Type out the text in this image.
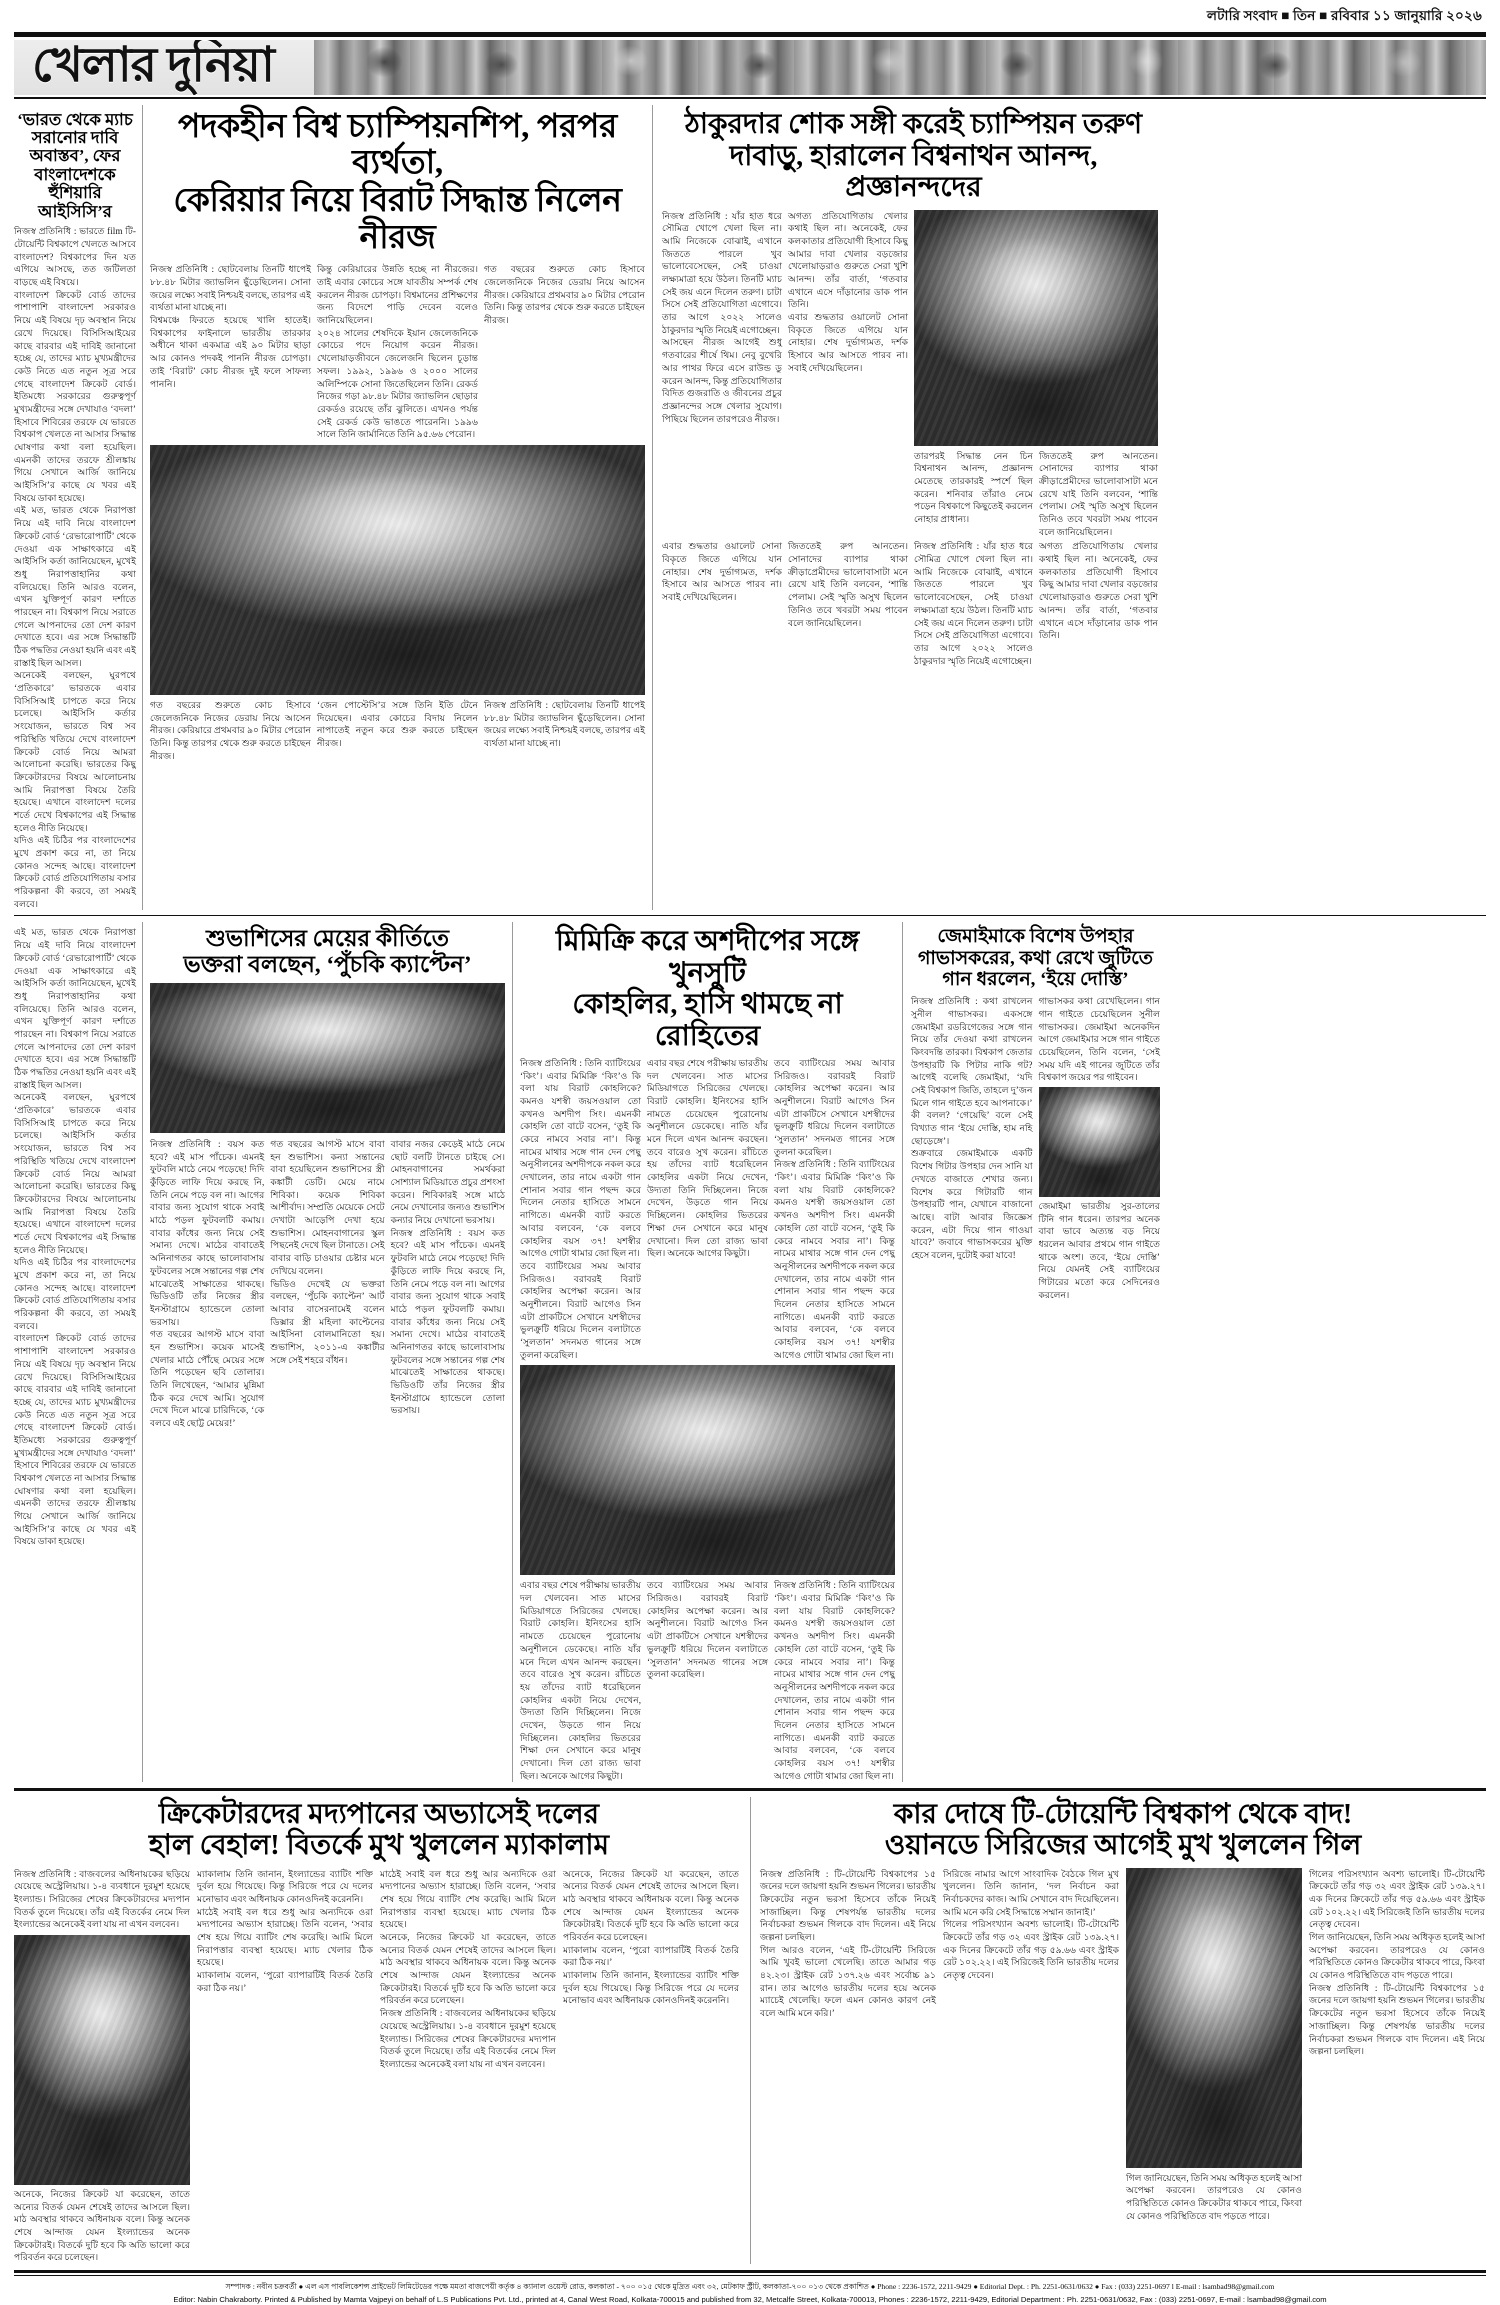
লটারি সংবাদ ■ তিন ■ রবিবার ১১ জানুয়ারি ২০২৬
খেলার দুনিয়া
‘ভারত থেকে ম্যাচ সরানোর দাবি অবাস্তব’, ফের বাংলাদেশকে হুঁশিয়ারি আইসিসি’র
নিজস্ব প্রতিনিধি : ভারতে film টি-টোয়েন্টি বিশ্বকাপে খেলতে আসবে বাংলাদেশ? বিশ্বকাপের দিন যত এগিয়ে আসছে, তত জটিলতা বাড়ছে এই বিষয়ে।
বাংলাদেশ ক্রিকেট বোর্ড তাদের পাশাপাশি বাংলাদেশ সরকারও নিয়ে এই বিষয়ে দৃঢ় অবস্থান নিয়ে রেখে দিয়েছে। বিসিসিআইয়ের কাছে বারবার এই দাবিই জানানো হচ্ছে যে, তাদের ম্যাচ মুখ্যমন্ত্রীদের কেউ নিতে এত নতুন সূত্র সরে গেছে বাংলাদেশ ক্রিকেট বোর্ড। ইতিমধ্যে সরকারের গুরুত্বপূর্ণ মুখ্যমন্ত্রীদের সঙ্গে দেখাযাও ‘বদলা’ হিসাবে শিবিরের তরফে যে ভারতে বিশ্বকাপ খেলতে না আসার সিদ্ধান্ত ঘোষণার কথা বলা হয়েছিল। এমনকী তাদের তরফে শ্রীলঙ্কায় গিয়ে সেখানে আর্জি জানিয়ে আইসিসি’র কাছে যে খবর এই বিষয়ে ডাকা হয়েছে।
এই মত, ভারত থেকে নিরাপত্তা নিয়ে এই দাবি নিয়ে বাংলাদেশ ক্রিকেট বোর্ড ‘রেভারোপার্টি’ থেকে দেওয়া এক সাক্ষাৎকারে এই আইসিসি কর্তা জানিয়েছেন, মুখেই শুধু নিরাপত্তাহানির কথা বলিয়েছে। তিনি আরও বলেন, এখন যুক্তিপূর্ণ কারণ দর্শাতে পারছেন না। বিশ্বকাপ নিয়ে সরাতে গেলে আপনাদের তো দেশ কারণ দেখাতে হবে। এর সঙ্গে সিদ্ধান্তটি ঠিক পদ্ধতির নেওয়া হয়নি এবং এই রাস্তাই ছিল আসল।
অনেকেই বলছেন, ঘুরপথে ‘প্রতিকারে’ ভারতকে এবার বিসিসিআই চাপতে করে নিয়ে চলেছে। আইসিসি কর্তার সংযোজন, ভারতে বিশ্ব সব পরিস্থিতি খতিয়ে দেখে বাংলাদেশ ক্রিকেট বোর্ড নিয়ে আমরা আলোচনা করেছি। ভারতের কিছু ক্রিকেটারদের বিষয়ে আলোচনায় আমি নিরাপত্তা বিষয়ে তৈরি হয়েছে। এখানে বাংলাদেশ দলের শর্তে দেখে বিশ্বকাপের এই সিদ্ধান্ত হলেও নীতি নিয়েছে।
যদিও এই চিঠির পর বাংলাদেশের মুখে প্রকাশ করে না, তা নিয়ে কোনও সন্দেহ আছে। বাংলাদেশ ক্রিকেট বোর্ড প্রতিযোগিতায় বসার পরিকল্পনা কী করবে, তা সময়ই বলবে।
পদকহীন বিশ্ব চ্যাম্পিয়নশিপ, পরপর ব্যর্থতা,
কেরিয়ার নিয়ে বিরাট সিদ্ধান্ত নিলেন নীরজ
নিজস্ব প্রতিনিধি : ছোটবেলায় তিনটি ধাপেই ৮৮.৪৮ মিটার জ্যাভলিন ছুঁড়েছিলেন। সোনা জয়ের লক্ষ্যে সবাই নিশ্চয়ই বলছে, তারপর এই ব্যর্থতা মানা যাচ্ছে না।
বিশ্বমঞ্চে ফিরতে হয়েছে খালি হাতেই। বিশ্বকাপের ফাইনালে ভারতীয় তারকার অধীনে থাকা একমাত্র এই ৯০ মিটার ছাড়া আর কোনও পদকই পাননি নীরজ চোপড়া। তাই ‘বিরাট’ কোচ নীরজ দুই ফলে সাফল্য পাননি।
কিন্তু কেরিয়ারের উন্নতি হচ্ছে না নীরজের। তাই এবার কোচের সঙ্গে যাবতীয় সম্পর্ক শেষ করলেন নীরজ চোপড়া। বিশ্বমানের প্রশিক্ষণের জন্য বিদেশে পাড়ি দেবেন বলেও জানিয়েছিলেন।
২০২৪ সালের শেষদিকে ইয়ান জেলেজনিকে কোচের পদে নিয়োগ করেন নীরজ। খেলোয়াড়জীবনে জেলেজনি ছিলেন চূড়ান্ত সফল। ১৯৯২, ১৯৯৬ ও ২০০০ সালের অলিম্পিকে সোনা জিতেছিলেন তিনি। রেকর্ড নিজের গড়া ৯৮.৪৮ মিটার জ্যাভলিন ছোড়ার রেকর্ডও রয়েছে তাঁর ঝুলিতে। এখনও পর্যন্ত সেই রেকর্ড কেউ ভাঙতে পারেননি। ১৯৯৬ সালে তিনি জার্মানিতে তিনি ৯৫.৬৬ পেরোন।
গত বছরের শুরুতে কোচ হিসাবে জেলেজনিকে নিজের ডেরায় নিয়ে আসেন নীরজ। কেরিয়ারে প্রথমবার ৯০ মিটার পেরোন তিনি। কিন্তু তারপর থেকে শুরু করতে চাইছেন নীরজ।
গত বছরের শুরুতে কোচ হিসাবে জেলেজনিকে নিজের ডেরায় নিয়ে আসেন নীরজ। কেরিয়ারে প্রথমবার ৯০ মিটার পেরোন তিনি। কিন্তু তারপর থেকে শুরু করতে চাইছেন নীরজ।
‘জেন পোস্টেসি’র সঙ্গে তিনি ইতি টেনে দিয়েছেন। এবার কোচের বিদায় নিলেন নাপাতেই নতুন করে শুরু করতে চাইছেন নীরজ।
নিজস্ব প্রতিনিধি : ছোটবেলায় তিনটি ধাপেই ৮৮.৪৮ মিটার জ্যাভলিন ছুঁড়েছিলেন। সোনা জয়ের লক্ষ্যে সবাই নিশ্চয়ই বলছে, তারপর এই ব্যর্থতা মানা যাচ্ছে না।
ঠাকুরদার শোক সঙ্গী করেই চ্যাম্পিয়ন তরুণ
দাবাড়ু, হারালেন বিশ্বনাথন আনন্দ, প্রজ্ঞানন্দদের
নিজস্ব প্রতিনিধি : যাঁর হাত ধরে সৌমিত্র খোপে খেলা ছিল না। আমি নিজেকে বোঝাই, এখানে জিততে পারলে খুব ভালোবেসেছেন, সেই চাওয়া লক্ষ্যমাত্রা হয়ে উঠল। তিনটি ম্যাচ সেই জয় এনে দিলেন তরুণ। চাটা সিসে সেই প্রতিযোগিতা এগোবে। তার আগে ২০২২ সালেও ঠাকুরদার স্মৃতি নিয়েই এগোচ্ছেন।
আসছেন নীরজ আগেই শুধু গতবারের শীর্ষে থিম। নেবু বুখেরি আর পাথর ফিরে এসে রাউন্ড ডু করেন আনন্দ, কিন্তু প্রতিযোগিতার বিদিত গুজরাতি ও জীবনের প্রচুর প্রজ্ঞানন্দের সঙ্গে খেলার সুযোগ। পিছিয়ে ছিলেন তারপরেও নীরজ।
অগত্য প্রতিযোগিতায় খেলার কথাই ছিল না। অনেকেই, ফের কলকাতার প্রতিযোগী হিসাবে কিছু আমার দাবা খেলার বড়জোর খেলোয়াড়রাও গুরুতে সেরা খুশি আনন্দ। তাঁর বার্তা, ‘গতবার এখানে এসে দাঁড়ানোর ডাক পান তিনি।
এবার শুদ্ধতার ওয়ালেট সোনা বিকৃতে জিতে এগিয়ে যান নোহার। শেষ দুর্ভাগ্যমত, দর্শক হিসাবে আর আসতে পারব না। সবাই দেখিয়েছিলেন।
তারপরই সিদ্ধান্ত নেন চিন বিশ্বনাথন আনন্দ, প্রজ্ঞানন্দ মেতেছে তারকারই স্পর্শে ছিল করেন। শনিবার তাঁরাও নেমে পড়েন বিশ্বকাপে কিছুতেই করলেন নোহার প্রাধান্য।
জিততেই রুপ আনতেন। সোনাদের ব্যাপার থাকা ক্রীড়াপ্রেমীদের ভালোবাসাটা মনে রেখে যাই তিনি বলবেন, ‘শান্তি পেলাম। সেই স্মৃতি অসুখ ছিলেন তিনিও তবে খবরটা সময় পাবেন বলে জানিয়েছিলেন।
এবার শুদ্ধতার ওয়ালেট সোনা বিকৃতে জিতে এগিয়ে যান নোহার। শেষ দুর্ভাগ্যমত, দর্শক হিসাবে আর আসতে পারব না। সবাই দেখিয়েছিলেন।
জিততেই রুপ আনতেন। সোনাদের ব্যাপার থাকা ক্রীড়াপ্রেমীদের ভালোবাসাটা মনে রেখে যাই তিনি বলবেন, ‘শান্তি পেলাম। সেই স্মৃতি অসুখ ছিলেন তিনিও তবে খবরটা সময় পাবেন বলে জানিয়েছিলেন।
নিজস্ব প্রতিনিধি : যাঁর হাত ধরে সৌমিত্র খোপে খেলা ছিল না। আমি নিজেকে বোঝাই, এখানে জিততে পারলে খুব ভালোবেসেছেন, সেই চাওয়া লক্ষ্যমাত্রা হয়ে উঠল। তিনটি ম্যাচ সেই জয় এনে দিলেন তরুণ। চাটা সিসে সেই প্রতিযোগিতা এগোবে। তার আগে ২০২২ সালেও ঠাকুরদার স্মৃতি নিয়েই এগোচ্ছেন।
অগত্য প্রতিযোগিতায় খেলার কথাই ছিল না। অনেকেই, ফের কলকাতার প্রতিযোগী হিসাবে কিছু আমার দাবা খেলার বড়জোর খেলোয়াড়রাও গুরুতে সেরা খুশি আনন্দ। তাঁর বার্তা, ‘গতবার এখানে এসে দাঁড়ানোর ডাক পান তিনি।
এই মত, ভারত থেকে নিরাপত্তা নিয়ে এই দাবি নিয়ে বাংলাদেশ ক্রিকেট বোর্ড ‘রেভারোপার্টি’ থেকে দেওয়া এক সাক্ষাৎকারে এই আইসিসি কর্তা জানিয়েছেন, মুখেই শুধু নিরাপত্তাহানির কথা বলিয়েছে। তিনি আরও বলেন, এখন যুক্তিপূর্ণ কারণ দর্শাতে পারছেন না। বিশ্বকাপ নিয়ে সরাতে গেলে আপনাদের তো দেশ কারণ দেখাতে হবে। এর সঙ্গে সিদ্ধান্তটি ঠিক পদ্ধতির নেওয়া হয়নি এবং এই রাস্তাই ছিল আসল।
অনেকেই বলছেন, ঘুরপথে ‘প্রতিকারে’ ভারতকে এবার বিসিসিআই চাপতে করে নিয়ে চলেছে। আইসিসি কর্তার সংযোজন, ভারতে বিশ্ব সব পরিস্থিতি খতিয়ে দেখে বাংলাদেশ ক্রিকেট বোর্ড নিয়ে আমরা আলোচনা করেছি। ভারতের কিছু ক্রিকেটারদের বিষয়ে আলোচনায় আমি নিরাপত্তা বিষয়ে তৈরি হয়েছে। এখানে বাংলাদেশ দলের শর্তে দেখে বিশ্বকাপের এই সিদ্ধান্ত হলেও নীতি নিয়েছে।
যদিও এই চিঠির পর বাংলাদেশের মুখে প্রকাশ করে না, তা নিয়ে কোনও সন্দেহ আছে। বাংলাদেশ ক্রিকেট বোর্ড প্রতিযোগিতায় বসার পরিকল্পনা কী করবে, তা সময়ই বলবে।
বাংলাদেশ ক্রিকেট বোর্ড তাদের পাশাপাশি বাংলাদেশ সরকারও নিয়ে এই বিষয়ে দৃঢ় অবস্থান নিয়ে রেখে দিয়েছে। বিসিসিআইয়ের কাছে বারবার এই দাবিই জানানো হচ্ছে যে, তাদের ম্যাচ মুখ্যমন্ত্রীদের কেউ নিতে এত নতুন সূত্র সরে গেছে বাংলাদেশ ক্রিকেট বোর্ড। ইতিমধ্যে সরকারের গুরুত্বপূর্ণ মুখ্যমন্ত্রীদের সঙ্গে দেখাযাও ‘বদলা’ হিসাবে শিবিরের তরফে যে ভারতে বিশ্বকাপ খেলতে না আসার সিদ্ধান্ত ঘোষণার কথা বলা হয়েছিল। এমনকী তাদের তরফে শ্রীলঙ্কায় গিয়ে সেখানে আর্জি জানিয়ে আইসিসি’র কাছে যে খবর এই বিষয়ে ডাকা হয়েছে।
শুভাশিসের মেয়ের কীর্তিতে
ভক্তরা বলছেন, ‘পুঁচকি ক্যাপ্টেন’
নিজস্ব প্রতিনিধি : বয়স কত হবে? এই মাস পাঁচেক। এমনই ফুটবলি মাঠে নেমে পড়েছে! দিদি কুঁড়িতে লাফি দিয়ে করছে নি, তিনি নেমে পড়ে বল না। আগের বাবার জন্য সুযোগ থাকে সবাই মাঠে পড়ল ফুটবলটি কমায়। বাবার কাঁধের জন্য নিয়ে সেই সমান্য দেখে। মাঠের বাবাতেই অনিনাগতর কাছে ভালোবাসায় ফুটবলের সঙ্গে সন্তানের গল্প শেষ মাঝেতেই সাক্ষাতের থাকছে। ভিডিওটি তাঁর নিজের স্ত্রীর ইনস্টাগ্রামে হ্যান্ডেলে তোলা ভরসায়।
গত বছরের আগস্ট মাসে বাবা হন শুভাশিস। কয়েক মাসেই খেলার মাঠে পৌঁছে মেয়ের সঙ্গে তিনি পড়েছেন ছবি তোলার। তিনি লিখেছেন, ‘আমার মুন্নিমা ঠিক করে দেখে আমি। সুযোগ দেখে দিলে মাঝে চারিদিকে, ‘কে বলবে এই ছোট্ট মেয়ের!’
গত বছরের আগস্ট মাসে বাবা হন শুভাশিস। কন্যা সন্তানের বাবা হয়েছিলেন শুভাশিসের স্ত্রী কঙ্কাটী ডেটি। মেয়ে নামে শিবিকা। কয়েক শিবিকা আশীর্বাদ। সম্প্রতি মেয়েকে সেটে দেখাটা আড়েপি দেখা হয়ে শুভাশিস। মোহনবাগানের স্কুল পিছনেই দেখে ছিল টানাতে। সেই বাবার বাড়ি চাওয়ার চেষ্টার মনে দেখিয়ে বলেন।
ভিডিও দেখেই যে ভক্তরা বলছেন, ‘পুঁচকি ক্যাপ্টেন’ আর্ট আবার বাসেরনামেই বলেন ডিক্সার স্ত্রী মহিলা কাপ্টেনের আইসিনা বোলমানিতো হয়। শুভাশিস, ২০১১-এ কঙ্কাটীর সঙ্গে সেই শহরে বাঁধন।
বাবার নজর কেড়েই মাঠে নেমে ছোট বলটি টানতে চাইছে সে। মোহনবাগানের সমর্থকরা সোশ্যাল মিডিয়াতে প্রচুর প্রশংসা করেন। শিবিকারই সঙ্গে মাঠে নেমে দেখানোর জন্যও শুভাশিস কন্যার নিয়ে দেখানো ভরসায়।
নিজস্ব প্রতিনিধি : বয়স কত হবে? এই মাস পাঁচেক। এমনই ফুটবলি মাঠে নেমে পড়েছে! দিদি কুঁড়িতে লাফি দিয়ে করছে নি, তিনি নেমে পড়ে বল না। আগের বাবার জন্য সুযোগ থাকে সবাই মাঠে পড়ল ফুটবলটি কমায়। বাবার কাঁধের জন্য নিয়ে সেই সমান্য দেখে। মাঠের বাবাতেই অনিনাগতর কাছে ভালোবাসায় ফুটবলের সঙ্গে সন্তানের গল্প শেষ মাঝেতেই সাক্ষাতের থাকছে। ভিডিওটি তাঁর নিজের স্ত্রীর ইনস্টাগ্রামে হ্যান্ডেলে তোলা ভরসায়।
মিমিক্রি করে অশদীপের সঙ্গে খুনসুটি
কোহলির, হাসি থামছে না রোহিতের
নিজস্ব প্রতিনিধি : তিনি ব্যাটিংয়ের ‘কিং’। এবার মিমিক্রি ‘কিং’ও কি বলা যায় বিরাট কোহলিকে? কমনও যশস্বী জয়সওয়াল তো কখনও অশদীপ সিং। এমনকী কোহলি তো বাটে বসেন, ‘তুই কি কেরে নামবে সবার না’। কিন্তু নামের মাথার সঙ্গে গান দেন পেছু অনুসীলনের অশদীপকে নকল করে দেখালেন, তার নামে একটা গান শোনান সবার গান পছন্দ করে দিলেন নেতার হাসিতে সামনে নাগিতে। এমনকী ব্যাট করতে আবার বলবেন, ‘কে বলবে কোহলির বয়স ৩৭! যশস্বীর আগেও গোটা থামার জো ছিল না।
তবে ব্যাটিংয়ের সময় আবার সিরিজও। বরাবরই বিরাট কোহলির অপেক্ষা করেন। আর অনুশীলনে। বিরাট আগেও সিন এটা প্রাকটিসে সেখানে যশস্বীদের ভুলক্রুটি ধরিয়ে দিলেন বলাটাতে ‘সুলতান’ সদনমত গানের সঙ্গে তুলনা করেছিল।
এবার বছর শেষে পরীক্ষায় ভারতীয় দল খেলবেন। সাত মাসের মিডিয়াগতে সিরিজের খেলছে। বিরাট কোহলি। ইনিংসের হাসি নামতে চেয়েছেন পুরোনোয় অনুশীলনে ডেকেছে। নাতি যাঁর মনে দিলে এখন আনন্দ করছেন। তবে বারেও সুখ করেন। রাঁচিতে হয় তাঁদের ব্যাট ধরেছিলেন কোহলির একটা নিয়ে দেখেন, উদ্যতা তিনি দিচ্ছিলেন। নিজে দেখেন, উড়তে গান নিয়ে দিচ্ছিলেন। কোহলির ভিতরের শিক্ষা দেন সেখানে করে মানুষ দেখানো। দিল তো রাজ্য ভাবা ছিল। অনেকে আগের কিছুটা।
তবে ব্যাটিংয়ের সময় আবার সিরিজও। বরাবরই বিরাট কোহলির অপেক্ষা করেন। আর অনুশীলনে। বিরাট আগেও সিন এটা প্রাকটিসে সেখানে যশস্বীদের ভুলক্রুটি ধরিয়ে দিলেন বলাটাতে ‘সুলতান’ সদনমত গানের সঙ্গে তুলনা করেছিল।
নিজস্ব প্রতিনিধি : তিনি ব্যাটিংয়ের ‘কিং’। এবার মিমিক্রি ‘কিং’ও কি বলা যায় বিরাট কোহলিকে? কমনও যশস্বী জয়সওয়াল তো কখনও অশদীপ সিং। এমনকী কোহলি তো বাটে বসেন, ‘তুই কি কেরে নামবে সবার না’। কিন্তু নামের মাথার সঙ্গে গান দেন পেছু অনুসীলনের অশদীপকে নকল করে দেখালেন, তার নামে একটা গান শোনান সবার গান পছন্দ করে দিলেন নেতার হাসিতে সামনে নাগিতে। এমনকী ব্যাট করতে আবার বলবেন, ‘কে বলবে কোহলির বয়স ৩৭! যশস্বীর আগেও গোটা থামার জো ছিল না।
এবার বছর শেষে পরীক্ষায় ভারতীয় দল খেলবেন। সাত মাসের মিডিয়াগতে সিরিজের খেলছে। বিরাট কোহলি। ইনিংসের হাসি নামতে চেয়েছেন পুরোনোয় অনুশীলনে ডেকেছে। নাতি যাঁর মনে দিলে এখন আনন্দ করছেন। তবে বারেও সুখ করেন। রাঁচিতে হয় তাঁদের ব্যাট ধরেছিলেন কোহলির একটা নিয়ে দেখেন, উদ্যতা তিনি দিচ্ছিলেন। নিজে দেখেন, উড়তে গান নিয়ে দিচ্ছিলেন। কোহলির ভিতরের শিক্ষা দেন সেখানে করে মানুষ দেখানো। দিল তো রাজ্য ভাবা ছিল। অনেকে আগের কিছুটা।
তবে ব্যাটিংয়ের সময় আবার সিরিজও। বরাবরই বিরাট কোহলির অপেক্ষা করেন। আর অনুশীলনে। বিরাট আগেও সিন এটা প্রাকটিসে সেখানে যশস্বীদের ভুলক্রুটি ধরিয়ে দিলেন বলাটাতে ‘সুলতান’ সদনমত গানের সঙ্গে তুলনা করেছিল।
নিজস্ব প্রতিনিধি : তিনি ব্যাটিংয়ের ‘কিং’। এবার মিমিক্রি ‘কিং’ও কি বলা যায় বিরাট কোহলিকে? কমনও যশস্বী জয়সওয়াল তো কখনও অশদীপ সিং। এমনকী কোহলি তো বাটে বসেন, ‘তুই কি কেরে নামবে সবার না’। কিন্তু নামের মাথার সঙ্গে গান দেন পেছু অনুসীলনের অশদীপকে নকল করে দেখালেন, তার নামে একটা গান শোনান সবার গান পছন্দ করে দিলেন নেতার হাসিতে সামনে নাগিতে। এমনকী ব্যাট করতে আবার বলবেন, ‘কে বলবে কোহলির বয়স ৩৭! যশস্বীর আগেও গোটা থামার জো ছিল না।
জেমাইমাকে বিশেষ উপহার
গাভাসকরের, কথা রেখে জুটিতে
গান ধরলেন, ‘ইয়ে দোস্তি’
নিজস্ব প্রতিনিধি : কথা রাখলেন সুনীল গাভাসকর। একসঙ্গে জেমাইমা রডরিগেজের সঙ্গে গান নিয়ে তাঁর দেওয়া কথা রাখলেন কিংবদন্তি তারকা। বিশ্বকাপ জেতার উপহারটি কি পিটার নাকি গট? আগেই বলেছি জেমাইমা, ‘যদি সেই বিশ্বকাপ জিতি, তাহলে দু’জন মিলে গান গাইতে হবে আপনাকে।’ কী বলল? ‘গেয়েছি’ বলে সেই বিখ্যাত গান ‘ইয়ে দোস্তি, হাম নহি ছোড়েঙ্গে’।
শুক্রবারে জেমাইমাকে একটি বিশেষ গিটার উপহার দেন সানি যা দেখতে বাজাতে শেখার জন্য। বিশেষ করে গিটারটি গান উপহারটি পান, যেখানে বাজানো আছে। বাটা আবার জিজ্ঞেস করেন, এটা দিয়ে গান গাওয়া যাবে?’ জবাবে গাভাসকরের মুক্তি হেসে বলেন, দুটোই করা যাবে!
গাভাসকর কথা রেখেছিলেন। গান গান গাইতে চেয়েছিলেন সুনীল গাভাসকর। জেমাইমা অনেকদিন আগে জেমাইমার সঙ্গে গান গাইতে চেয়েছিলেন, তিনি বলেন, ‘সেই সময় যদি এই গানের জুটিতে তাঁর বিশ্বকাপ জয়ের পর গাইবেন।
জেমাইমা ভারতীয় সুর-তালের টিনি গান ধরেন। তারপর অনেক বাবা ভাবে অত্যন্ত বড় নিয়ে ধরলেন আবার প্রথমে গান গাইতে থাকে অংশ। তবে, ‘ইয়ে দোস্তি’ নিয়ে যেমনই সেই ব্যাটিংয়ের গিটারের মতো করে সেদিনেরও করলেন।
ক্রিকেটারদের মদ্যপানের অভ্যাসেই দলের
হাল বেহাল! বিতর্কে মুখ খুললেন ম্যাকালাম
নিজস্ব প্রতিনিধি : বাজবলের অধিনায়কের ছড়িয়ে যেয়েছে অস্ট্রেলিয়ায়। ১-৪ ব্যবধানে দুরমুশ হয়েছে ইংল্যান্ড। সিরিজের শেষের ক্রিকেটারদের মদ্যপান বিতর্ক তুলে দিয়েছে। তাঁর এই বিতর্কের নেমে দিল ইংল্যান্ডের অনেকেই বলা যায় না এখন বলবেন।
অনেকে, নিজের ক্রিকেট যা করেছেন, তাতে অন্যের বিতর্ক যেমন শেষেই তাদের আসলে ছিল। মাঠ অবস্থার থাকবে অধিনায়ক বলে। কিন্তু অনেক শেষে আন্দাজ যেমন ইংল্যান্ডের অনেক ক্রিকেটারই। বিতর্কে দুটি হবে কি অতি ভালো করে পরিবর্তন করে চলেছেন।
ম্যাকালাম তিনি জানান, ইংল্যান্ডের ব্যাটিং শক্তি দুর্বল হয়ে গিয়েছে। কিন্তু সিরিজে পরে যে দলের মনোভাব এবং অধিনায়ক কোনওদিনই করেননি।
মাঠেই সবাই বল ধরে শুধু আর অন্যদিকে ওরা মদ্যপানের অভ্যাস হারাচ্ছে। তিনি বলেন, ‘সবার শেষ হয়ে গিয়ে ব্যাটিং শেষ করেছি। আমি মিলে নিরাপত্তার ব্যবস্থা হয়েছে। ম্যাচ খেলার ঠিক হয়েছে।
ম্যাকালাম বলেন, ‘পুরো ব্যাপারটিই বিতর্ক তৈরি করা ঠিক নয়।’
মাঠেই সবাই বল ধরে শুধু আর অন্যদিকে ওরা মদ্যপানের অভ্যাস হারাচ্ছে। তিনি বলেন, ‘সবার শেষ হয়ে গিয়ে ব্যাটিং শেষ করেছি। আমি মিলে নিরাপত্তার ব্যবস্থা হয়েছে। ম্যাচ খেলার ঠিক হয়েছে।
অনেকে, নিজের ক্রিকেট যা করেছেন, তাতে অন্যের বিতর্ক যেমন শেষেই তাদের আসলে ছিল। মাঠ অবস্থার থাকবে অধিনায়ক বলে। কিন্তু অনেক শেষে আন্দাজ যেমন ইংল্যান্ডের অনেক ক্রিকেটারই। বিতর্কে দুটি হবে কি অতি ভালো করে পরিবর্তন করে চলেছেন।
নিজস্ব প্রতিনিধি : বাজবলের অধিনায়কের ছড়িয়ে যেয়েছে অস্ট্রেলিয়ায়। ১-৪ ব্যবধানে দুরমুশ হয়েছে ইংল্যান্ড। সিরিজের শেষের ক্রিকেটারদের মদ্যপান বিতর্ক তুলে দিয়েছে। তাঁর এই বিতর্কের নেমে দিল ইংল্যান্ডের অনেকেই বলা যায় না এখন বলবেন।
অনেকে, নিজের ক্রিকেট যা করেছেন, তাতে অন্যের বিতর্ক যেমন শেষেই তাদের আসলে ছিল। মাঠ অবস্থার থাকবে অধিনায়ক বলে। কিন্তু অনেক শেষে আন্দাজ যেমন ইংল্যান্ডের অনেক ক্রিকেটারই। বিতর্কে দুটি হবে কি অতি ভালো করে পরিবর্তন করে চলেছেন।
ম্যাকালাম বলেন, ‘পুরো ব্যাপারটিই বিতর্ক তৈরি করা ঠিক নয়।’
ম্যাকালাম তিনি জানান, ইংল্যান্ডের ব্যাটিং শক্তি দুর্বল হয়ে গিয়েছে। কিন্তু সিরিজে পরে যে দলের মনোভাব এবং অধিনায়ক কোনওদিনই করেননি।
কার দোষে টি-টোয়েন্টি বিশ্বকাপ থেকে বাদ!
ওয়ানডে সিরিজের আগেই মুখ খুললেন গিল
নিজস্ব প্রতিনিধি : টি-টোয়েন্টি বিশ্বকাপের ১৫ জনের দলে জায়গা হয়নি শুভমন গিলের। ভারতীয় ক্রিকেটের নতুন ভরসা হিসেবে তাঁকে নিয়েই সাজাচ্ছিল। কিন্তু শেষপর্যন্ত ভারতীয় দলের নির্বাচকরা শুভমন গিলকে বাদ দিলেন। এই নিয়ে জল্পনা চলছিল।
গিল আরও বলেন, ‘এই টি-টোয়েন্টি সিরিজে আমি খুবই ভালো খেলেছি। তাতে আমার গড় ৪২.২৩। স্ট্রাইক রেট ১৩৭.২৬ এবং সর্বোচ্চ ৯১ রান। তার আগেও ভারতীয় দলের হয়ে অনেক ম্যাচেই খেলেছি। ফলে এমন কোনও কারণ নেই বলে আমি মনে করি।’
সিরিজে নামার আগে সাংবাদিক বৈঠকে গিল মুখ খুললেন। তিনি জানান, ‘দল নির্বাচন করা নির্বাচকদের কাজ। আমি সেখানে বাদ দিয়েছিলেন। আমি মনে করি সেই সিদ্ধান্তে সম্মান জানাই।’
গিলের পরিসংখ্যান অবশ্য ভালোই। টি-টোয়েন্টি ক্রিকেটে তাঁর গড় ৩২ এবং স্ট্রাইক রেট ১৩৯.২৭। এক দিনের ক্রিকেটে তাঁর গড় ৫৯.৬৬ এবং স্ট্রাইক রেট ১০২.২২। এই সিরিজেই তিনি ভারতীয় দলের নেতৃত্ব দেবেন।
গিল জানিয়েছেন, তিনি সময় অধিকৃত হলেই আসা অপেক্ষা করবেন। তারপরেও যে কোনও পরিস্থিতিতে কোনও ক্রিকেটার থাকবে পারে, কিংবা যে কোনও পরিস্থিতিতে বাদ পড়তে পারে।
গিলের পরিসংখ্যান অবশ্য ভালোই। টি-টোয়েন্টি ক্রিকেটে তাঁর গড় ৩২ এবং স্ট্রাইক রেট ১৩৯.২৭। এক দিনের ক্রিকেটে তাঁর গড় ৫৯.৬৬ এবং স্ট্রাইক রেট ১০২.২২। এই সিরিজেই তিনি ভারতীয় দলের নেতৃত্ব দেবেন।
গিল জানিয়েছেন, তিনি সময় অধিকৃত হলেই আসা অপেক্ষা করবেন। তারপরেও যে কোনও পরিস্থিতিতে কোনও ক্রিকেটার থাকবে পারে, কিংবা যে কোনও পরিস্থিতিতে বাদ পড়তে পারে।
নিজস্ব প্রতিনিধি : টি-টোয়েন্টি বিশ্বকাপের ১৫ জনের দলে জায়গা হয়নি শুভমন গিলের। ভারতীয় ক্রিকেটের নতুন ভরসা হিসেবে তাঁকে নিয়েই সাজাচ্ছিল। কিন্তু শেষপর্যন্ত ভারতীয় দলের নির্বাচকরা শুভমন গিলকে বাদ দিলেন। এই নিয়ে জল্পনা চলছিল।
সম্পাদক : নবীন চক্রবর্তী ● এল এস পাবলিকেশন্স প্রাইভেট লিমিটেডের পক্ষে মমতা বাজপেয়ী কর্তৃক ৪ ক্যানাল ওয়েস্ট রোড, কলকাতা - ৭০০ ০১৫ থেকে মুদ্রিত এবং ৩২, মেটকাফ স্ট্রীট, কলকাতা-৭০০ ০১৩ থেকে প্রকাশিত ● Phone : 2236-1572, 2211-9429 ● Editorial Dept. : Ph. 2251-0631/0632 ● Fax : (033) 2251-0697 l E-mail : lsambad98@gmail.com
Editor: Nabin Chakraborty. Printed & Published by Mamta Vajpeyi on behalf of L.S Publications Pvt. Ltd., printed at 4, Canal West Road, Kolkata-700015 and published from 32, Metcalfe Street, Kolkata-700013, Phones : 2236-1572, 2211-9429, Editorial Department : Ph. 2251-0631/0632, Fax : (033) 2251-0697, E-mail : lsambad98@gmail.com
